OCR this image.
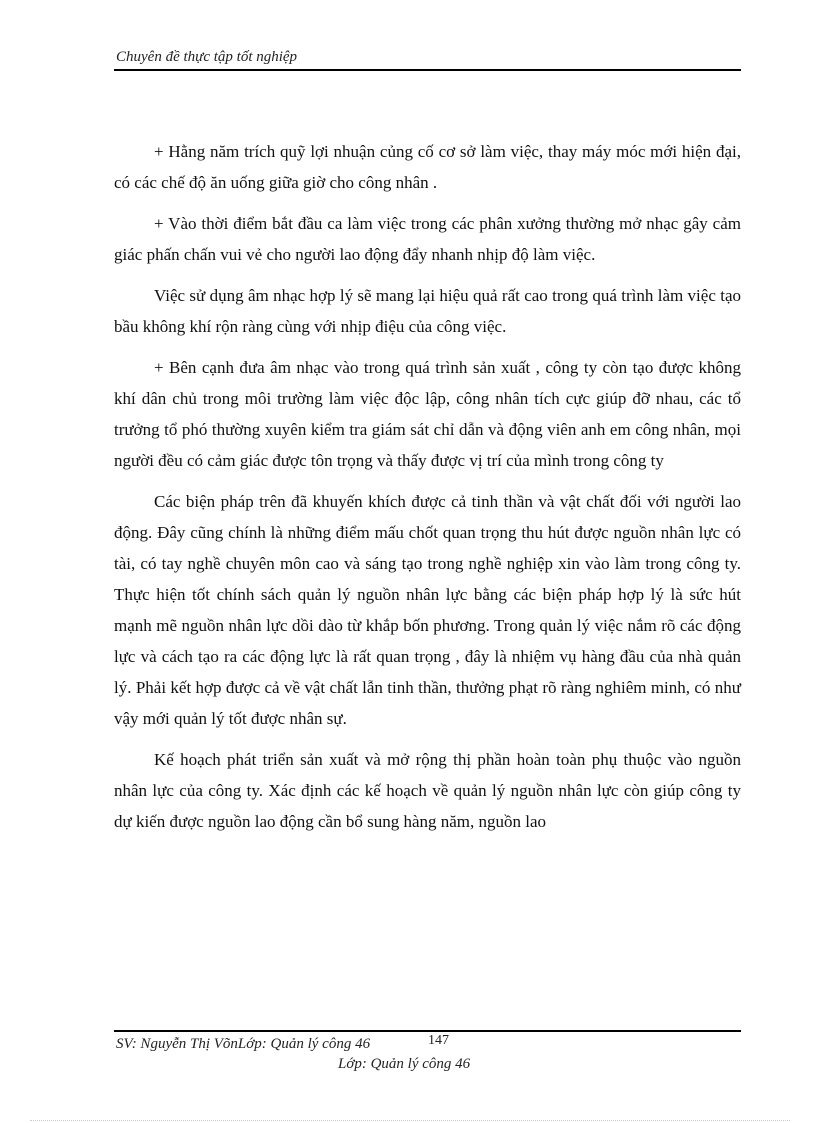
Chuyên đề thực tập tốt nghiệp

+ Hằng năm trích quỹ lợi nhuận củng cố cơ sở làm việc, thay máy móc mới hiện đại, có các chế độ ăn uống giữa giờ cho công nhân .

+ Vào thời điểm bắt đầu ca làm việc trong các phân xưởng thường mở nhạc gây cảm giác phấn chấn vui vẻ cho người lao động đẩy nhanh nhịp độ làm việc.

Việc sử dụng âm nhạc hợp lý sẽ mang lại hiệu quả rất cao trong quá trình làm việc tạo bầu không khí rộn ràng cùng với nhịp điệu của công việc.

+ Bên cạnh đưa âm nhạc vào trong quá trình sản xuất , công ty còn tạo được không khí dân chủ trong môi trường làm việc độc lập, công nhân tích cực giúp đỡ nhau, các tổ trưởng tổ phó thường xuyên kiểm tra giám sát chỉ dẫn và động viên anh em công nhân, mọi người đều có cảm giác được tôn trọng và thấy được vị trí của mình trong công ty

Các biện pháp trên đã khuyến khích được cả tinh thần và vật chất đối với người lao động. Đây cũng chính là những điểm mấu chốt quan trọng thu hút được nguồn nhân lực có tài, có tay nghề chuyên môn cao và sáng tạo trong nghề nghiệp xin vào làm trong công ty. Thực hiện tốt chính sách quản lý nguồn nhân lực bằng các biện pháp hợp lý là sức hút mạnh mẽ nguồn nhân lực dồi dào từ khắp bốn phương. Trong quản lý việc nắm rõ các động lực và cách tạo ra các động lực là rất quan trọng , đây là nhiệm vụ hàng đầu của nhà quản lý. Phải kết hợp được cả về vật chất lẫn tinh thần, thưởng phạt rõ ràng nghiêm minh, có như vậy mới quản lý tốt được nhân sự.

Kế hoạch phát triển sản xuất và mở rộng thị phần hoàn toàn phụ thuộc vào nguồn nhân lực của công ty. Xác định các kế hoạch về quản lý nguồn nhân lực còn giúp công ty dự kiến được nguồn lao động cần bổ sung hàng năm, nguồn lao

SV: Nguyễn Thị VõnLớp: Quản lý công 46	147
Lớp: Quản lý công 46
